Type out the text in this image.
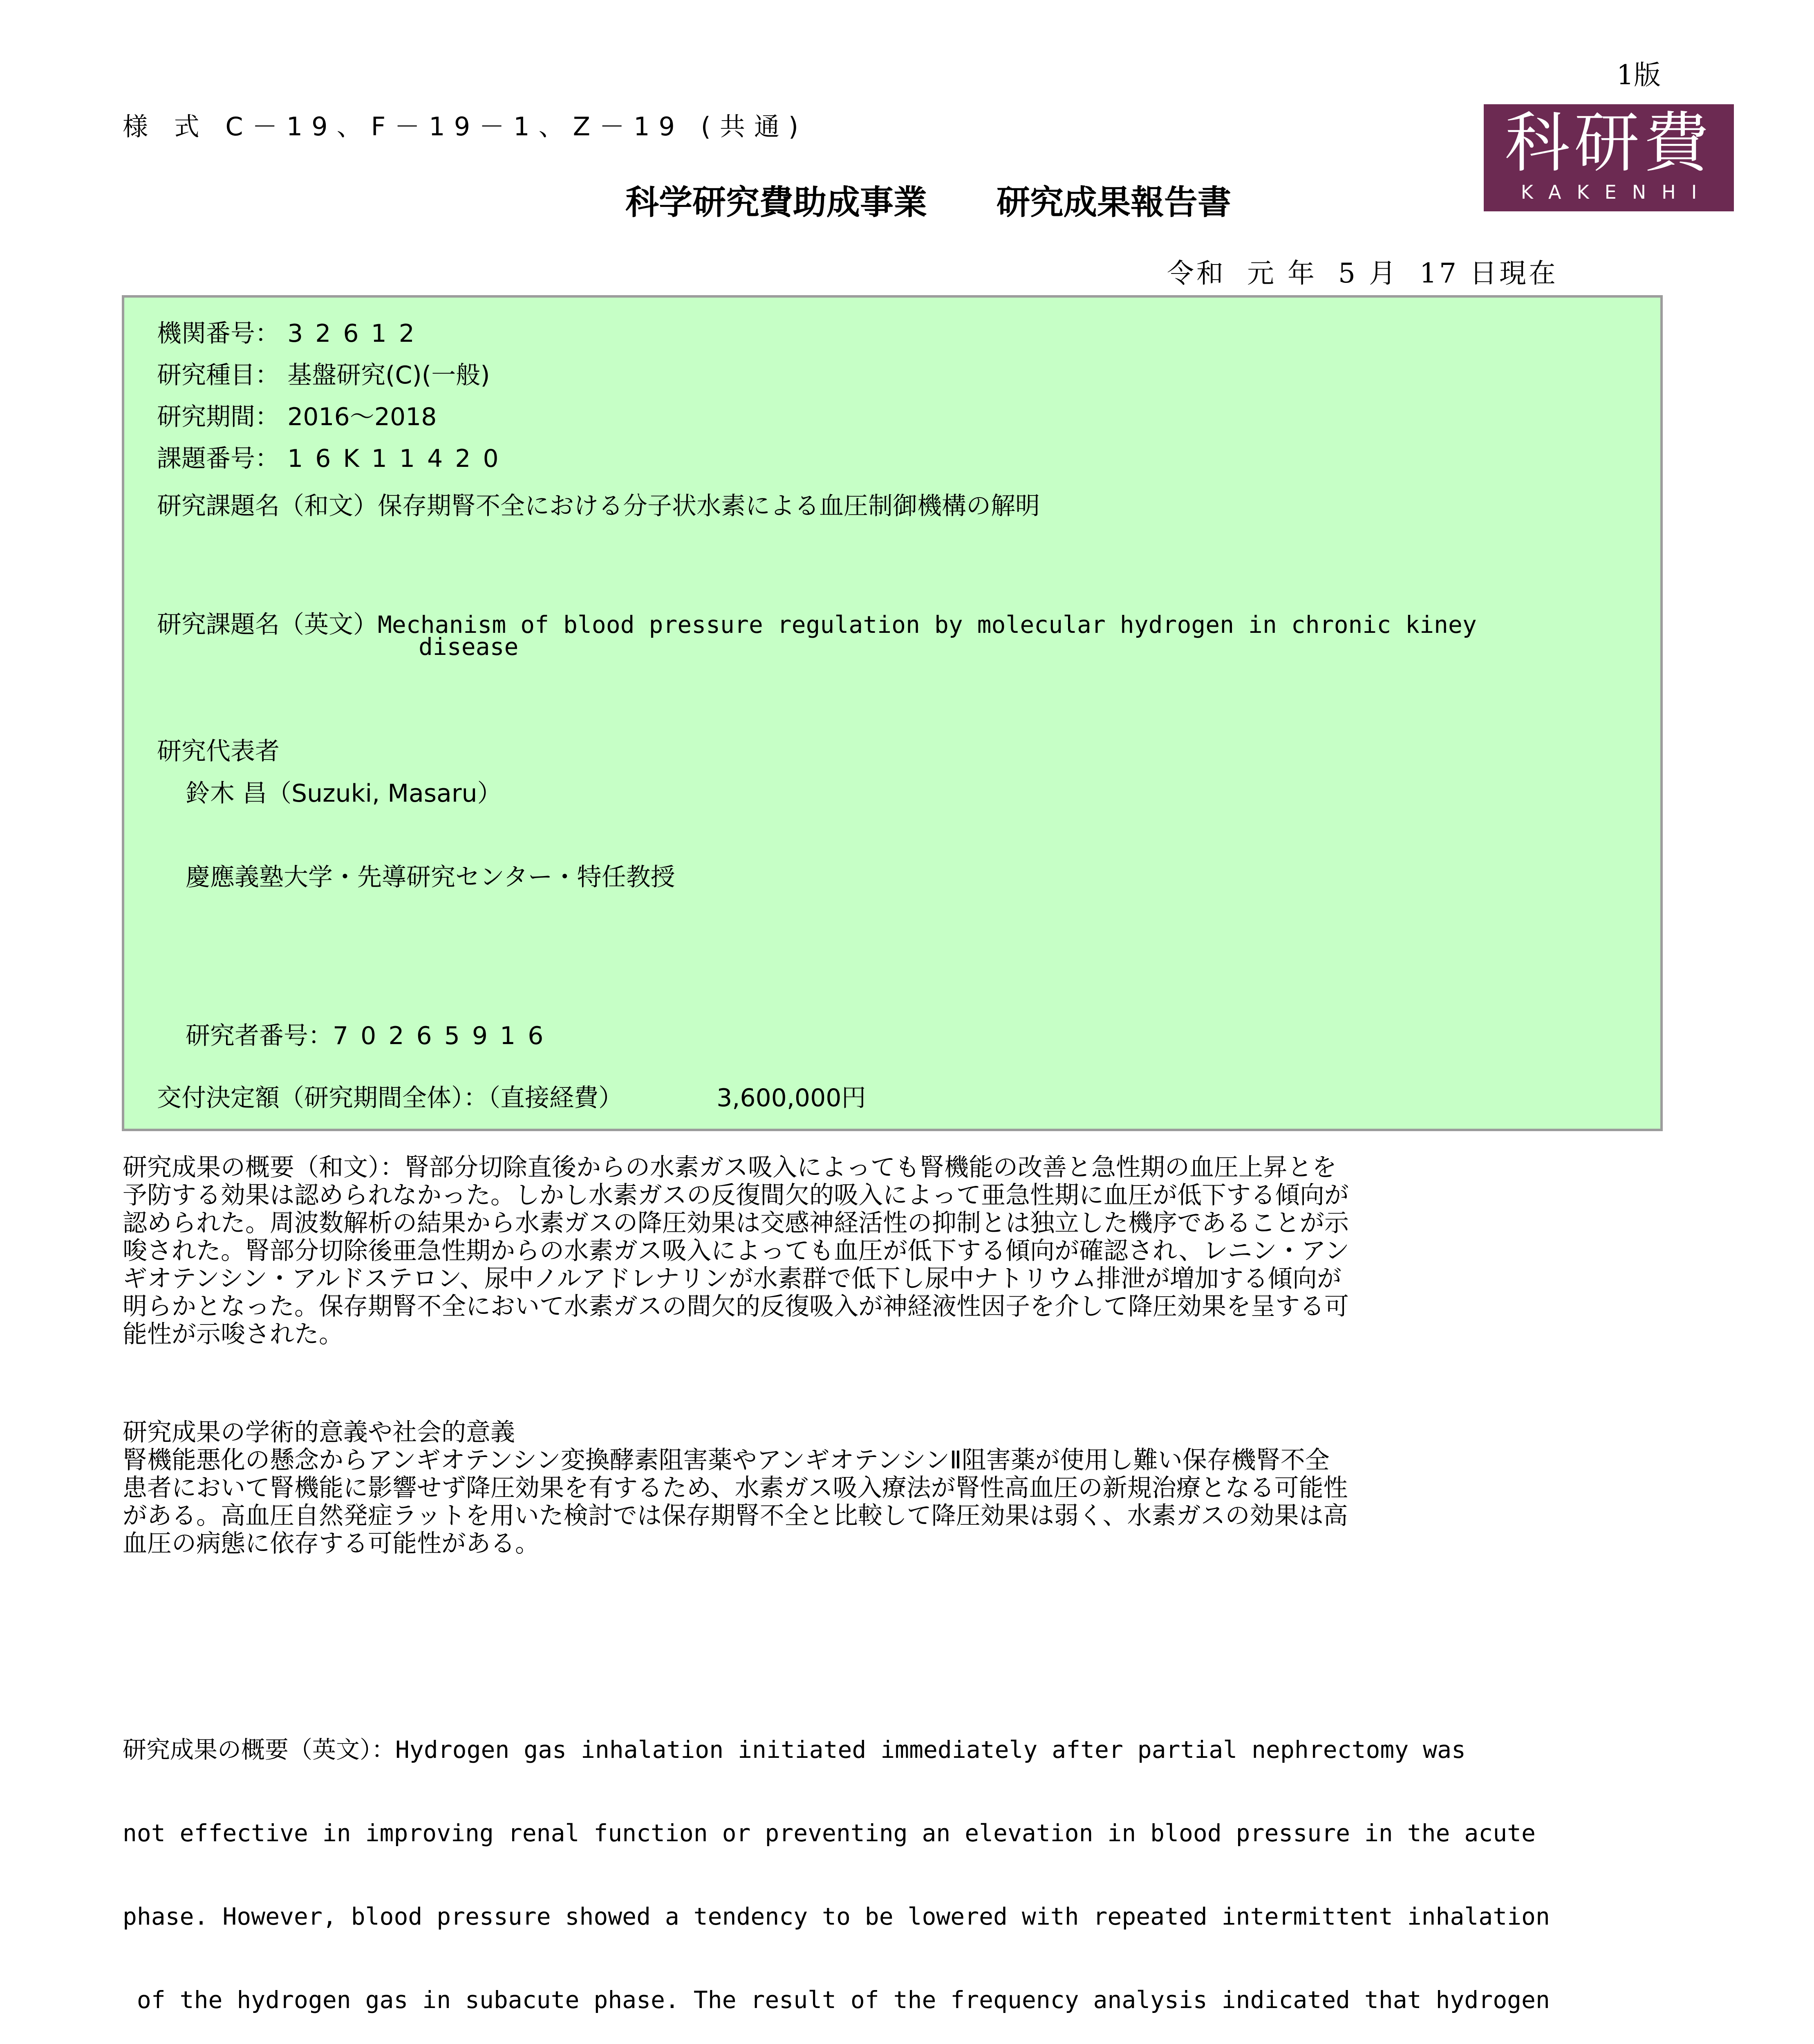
1版
様 式 C－19、F－19－1、Z－19 (共通)	科研費
KAKENHI
科学研究費助成事業 研究成果報告書
令和 元 年 5 月 17 日現在
機関番号： 32612
研究種目： 基盤研究(C)(一般)
研究期間： 2016～2018
課題番号： 16K11420
研究課題名（和文）保存期腎不全における分子状水素による血圧制御機構の解明
研究課題名（英文）Mechanism of blood pressure regulation by molecular hydrogen in chronic kiney
disease
研究代表者
鈴木 昌（Suzuki, Masaru）
慶應義塾大学・先導研究センター・特任教授
研究者番号：70265916
交付決定額（研究期間全体）：（直接経費）	3,600,000円
研究成果の概要（和文）：腎部分切除直後からの水素ガス吸入によっても腎機能の改善と急性期の血圧上昇とを
予防する効果は認められなかった。しかし水素ガスの反復間欠的吸入によって亜急性期に血圧が低下する傾向が
認められた。周波数解析の結果から水素ガスの降圧効果は交感神経活性の抑制とは独立した機序であることが示
唆された。腎部分切除後亜急性期からの水素ガス吸入によっても血圧が低下する傾向が確認され、レニン・アン
ギオテンシン・アルドステロン、尿中ノルアドレナリンが水素群で低下し尿中ナトリウム排泄が増加する傾向が
明らかとなった。保存期腎不全において水素ガスの間欠的反復吸入が神経液性因子を介して降圧効果を呈する可
能性が示唆された。
研究成果の学術的意義や社会的意義
腎機能悪化の懸念からアンギオテンシン変換酵素阻害薬やアンギオテンシンⅡ阻害薬が使用し難い保存機腎不全
患者において腎機能に影響せず降圧効果を有するため、水素ガス吸入療法が腎性高血圧の新規治療となる可能性
がある。高血圧自然発症ラットを用いた検討では保存期腎不全と比較して降圧効果は弱く、水素ガスの効果は高
血圧の病態に依存する可能性がある。

研究成果の概要（英文）：Hydrogen gas inhalation initiated immediately after partial nephrectomy was

not effective in improving renal function or preventing an elevation in blood pressure in the acute

phase. However, blood pressure showed a tendency to be lowered with repeated intermittent inhalation

of the hydrogen gas in subacute phase. The result of the frequency analysis indicated that hydrogen
